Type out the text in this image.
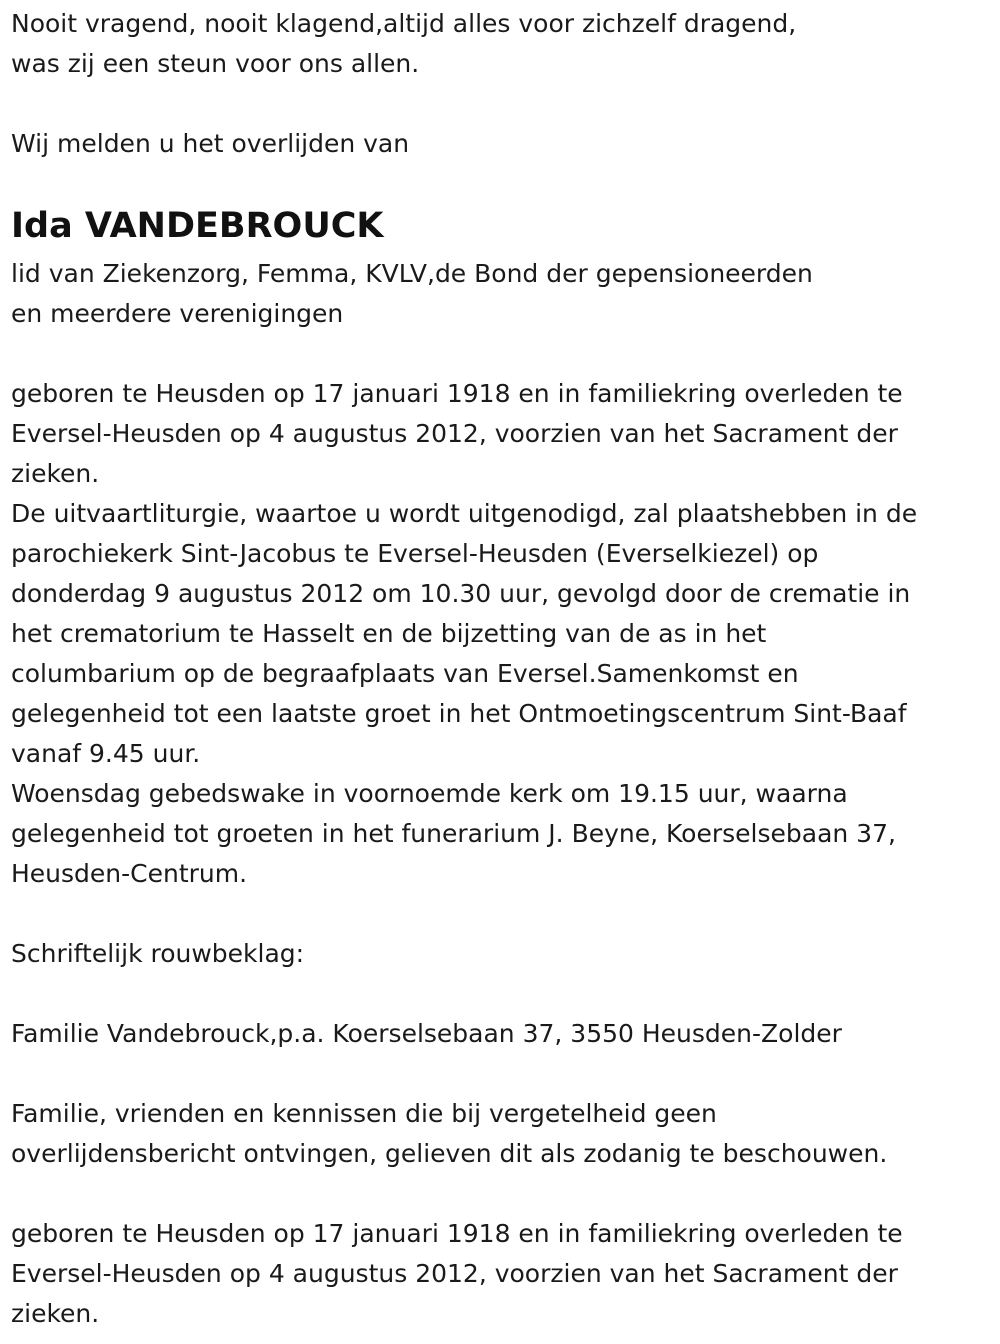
Nooit vragend, nooit klagend,altijd alles voor zichzelf dragend,
was zij een steun voor ons allen.
Wij melden u het overlijden van
Ida VANDEBROUCK
lid van Ziekenzorg, Femma, KVLV,de Bond der gepensioneerden
en meerdere verenigingen
geboren te Heusden op 17 januari 1918 en in familiekring overleden te
Eversel-Heusden op 4 augustus 2012, voorzien van het Sacrament der
zieken.
De uitvaartliturgie, waartoe u wordt uitgenodigd, zal plaatshebben in de
parochiekerk Sint-Jacobus te Eversel-Heusden (Everselkiezel) op
donderdag 9 augustus 2012 om 10.30 uur, gevolgd door de crematie in
het crematorium te Hasselt en de bijzetting van de as in het
columbarium op de begraafplaats van Eversel.Samenkomst en
gelegenheid tot een laatste groet in het Ontmoetingscentrum Sint-Baaf
vanaf 9.45 uur.
Woensdag gebedswake in voornoemde kerk om 19.15 uur, waarna
gelegenheid tot groeten in het funerarium J. Beyne, Koerselsebaan 37,
Heusden-Centrum.
Schriftelijk rouwbeklag:
Familie Vandebrouck,p.a. Koerselsebaan 37, 3550 Heusden-Zolder
Familie, vrienden en kennissen die bij vergetelheid geen
overlijdensbericht ontvingen, gelieven dit als zodanig te beschouwen.
geboren te Heusden op 17 januari 1918 en in familiekring overleden te
Eversel-Heusden op 4 augustus 2012, voorzien van het Sacrament der
zieken.
